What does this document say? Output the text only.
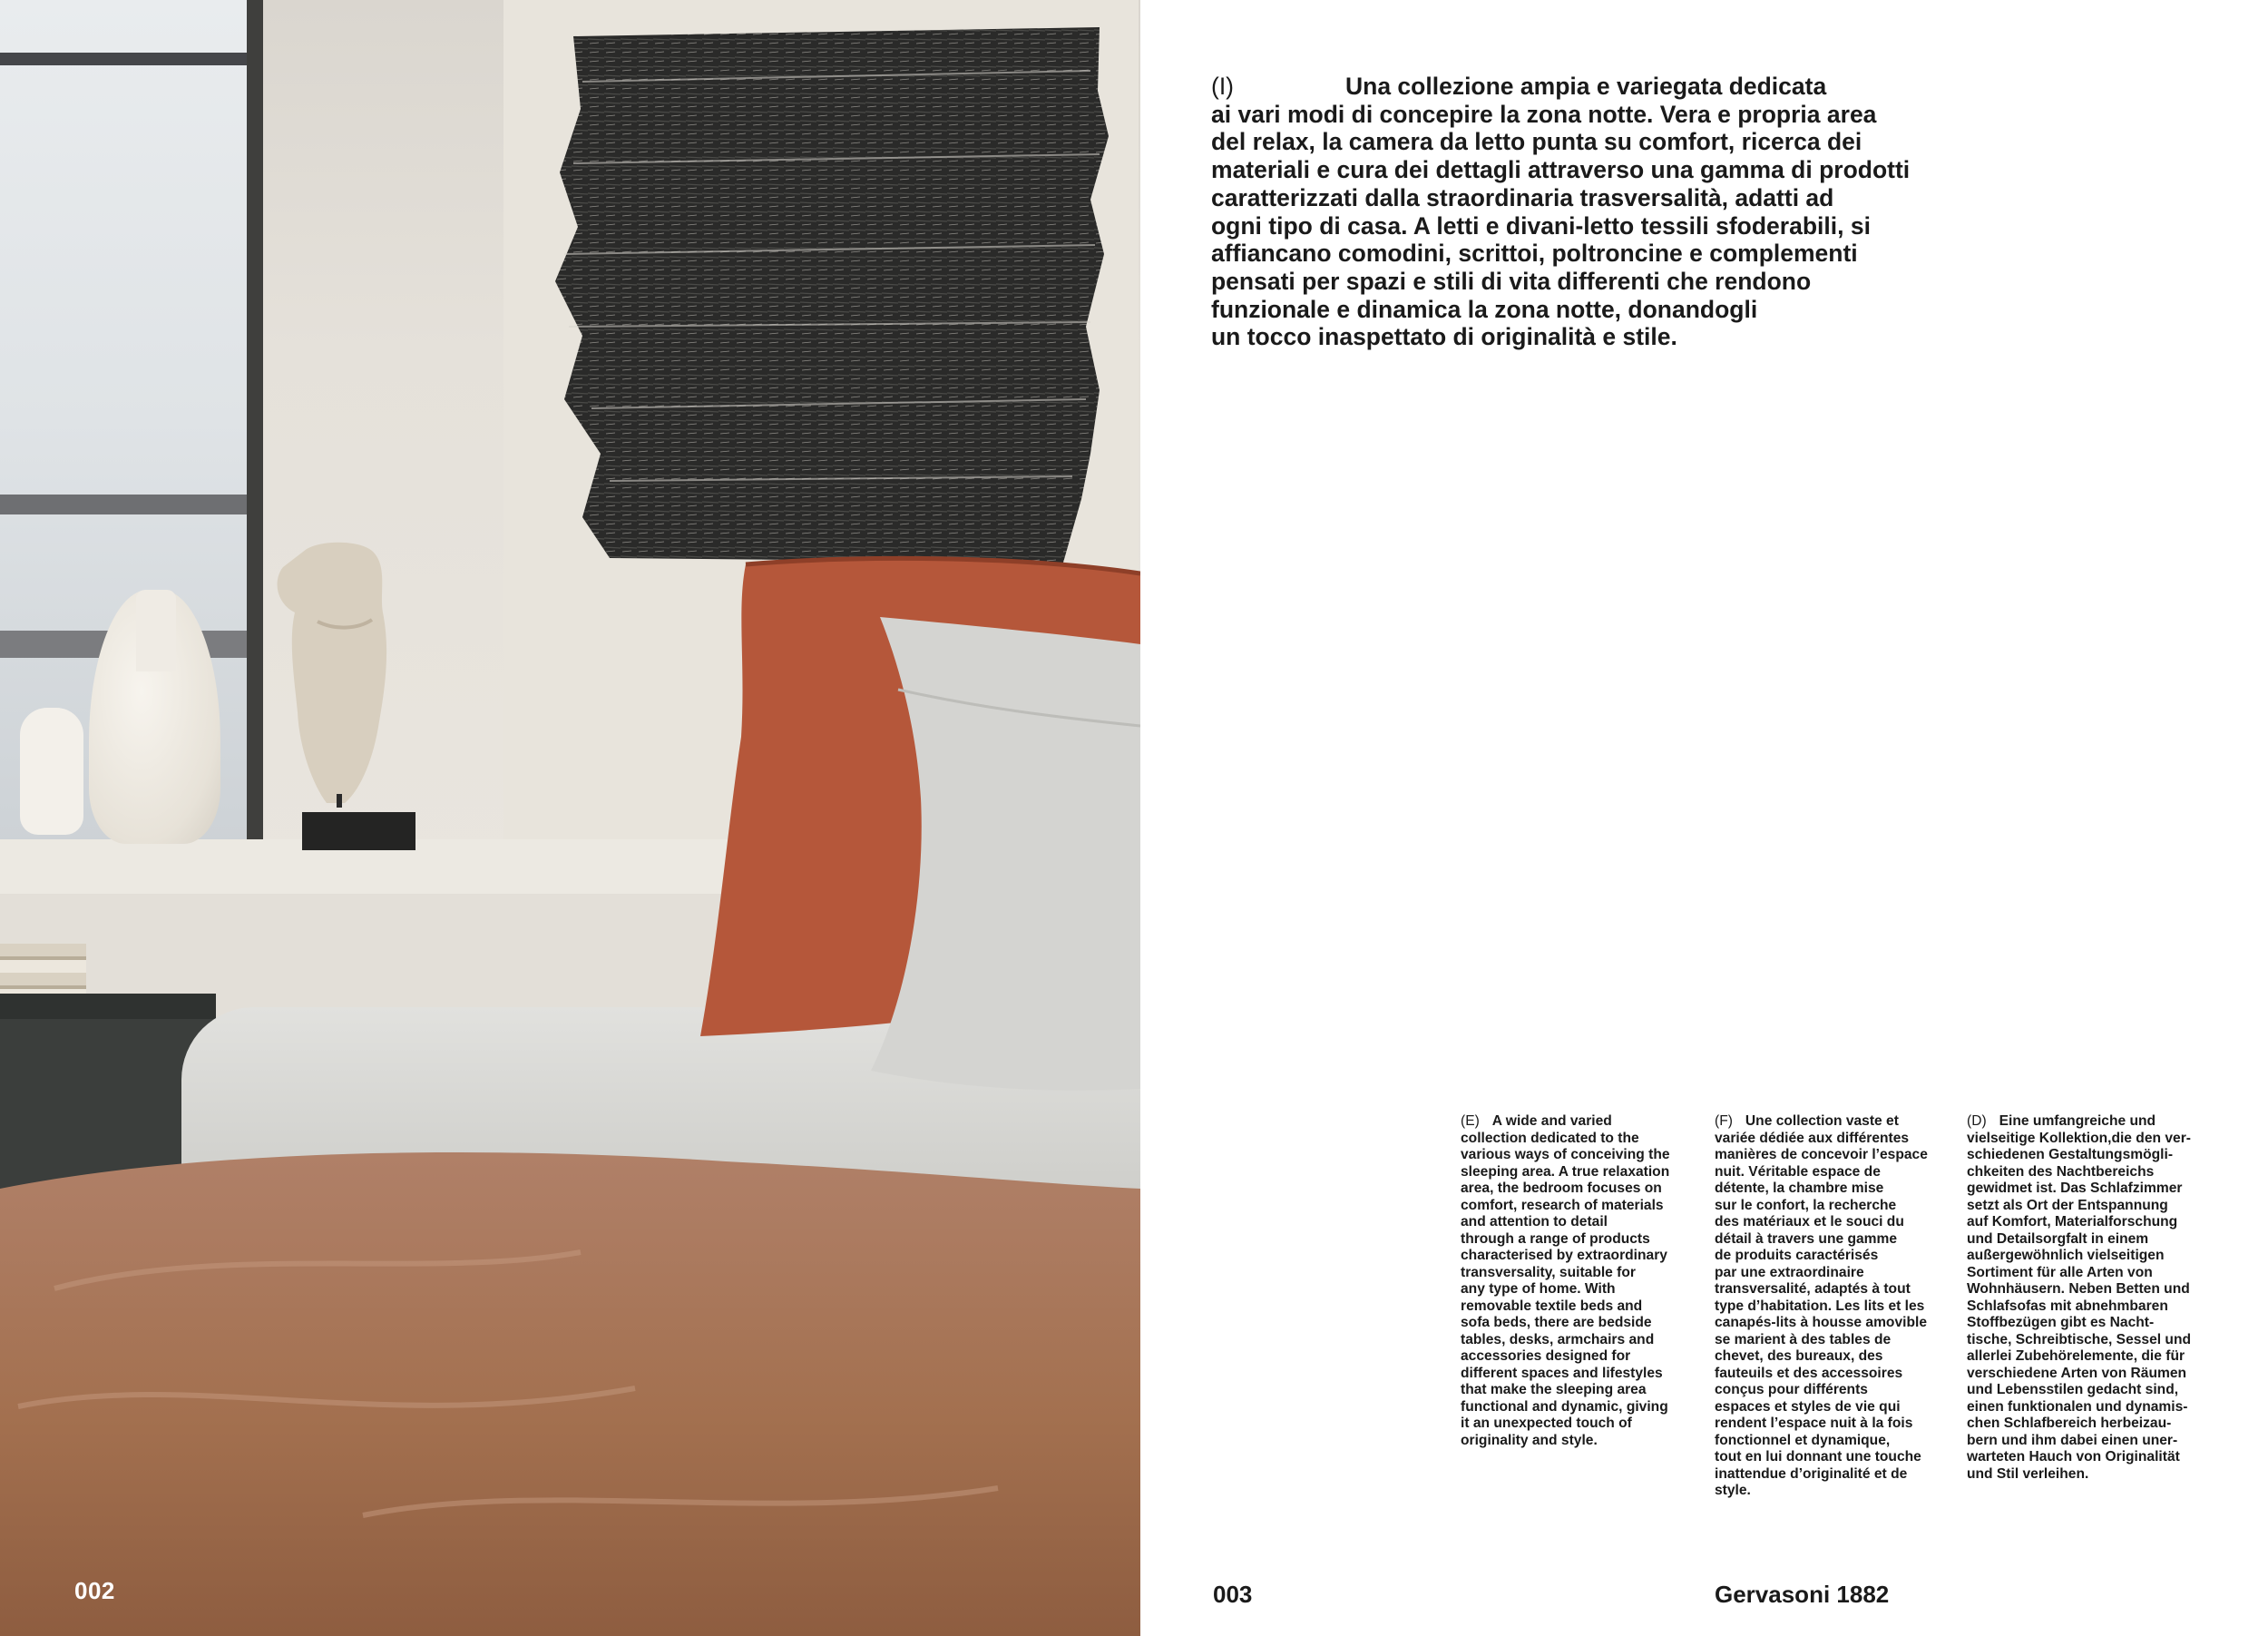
002
(I)	Una collezione ampia e variegata dedicata
ai vari modi di concepire la zona notte. Vera e propria area
del relax, la camera da letto punta su comfort, ricerca dei
materiali e cura dei dettagli attraverso una gamma di prodotti
caratterizzati dalla straordinaria trasversalità, adatti ad
ogni tipo di casa. A letti e divani-letto tessili sfoderabili, si
affiancano comodini, scrittoi, poltroncine e complementi
pensati per spazi e stili di vita differenti che rendono
funzionale e dinamica la zona notte, donandogli
un tocco inaspettato di originalità e stile.

(E) A wide and varied
collection dedicated to the
various ways of conceiving the
sleeping area. A true relaxation
area, the bedroom focuses on
comfort, research of materials
and attention to detail
through a range of products
characterised by extraordinary
transversality, suitable for
any type of home. With
removable textile beds and
sofa beds, there are bedside
tables, desks, armchairs and
accessories designed for
different spaces and lifestyles
that make the sleeping area
functional and dynamic, giving
it an unexpected touch of
originality and style.

(F) Une collection vaste et
variée dédiée aux différentes
manières de concevoir l’espace
nuit. Véritable espace de
détente, la chambre mise
sur le confort, la recherche
des matériaux et le souci du
détail à travers une gamme
de produits caractérisés
par une extraordinaire
transversalité, adaptés à tout
type d’habitation. Les lits et les
canapés-lits à housse amovible
se marient à des tables de
chevet, des bureaux, des
fauteuils et des accessoires
conçus pour différents
espaces et styles de vie qui
rendent l’espace nuit à la fois
fonctionnel et dynamique,
tout en lui donnant une touche
inattendue d’originalité et de
style.

(D) Eine umfangreiche und
vielseitige Kollektion,die den ver-
schiedenen Gestaltungsmögli-
chkeiten des Nachtbereichs
gewidmet ist. Das Schlafzimmer
setzt als Ort der Entspannung
auf Komfort, Materialforschung
und Detailsorgfalt in einem
außergewöhnlich vielseitigen
Sortiment für alle Arten von
Wohnhäusern. Neben Betten und
Schlafsofas mit abnehmbaren
Stoffbezügen gibt es Nacht-
tische, Schreibtische, Sessel und
allerlei Zubehörelemente, die für
verschiedene Arten von Räumen
und Lebensstilen gedacht sind,
einen funktionalen und dynamis-
chen Schlafbereich herbeizau-
bern und ihm dabei einen uner-
warteten Hauch von Originalität
und Stil verleihen.

003	Gervasoni 1882
